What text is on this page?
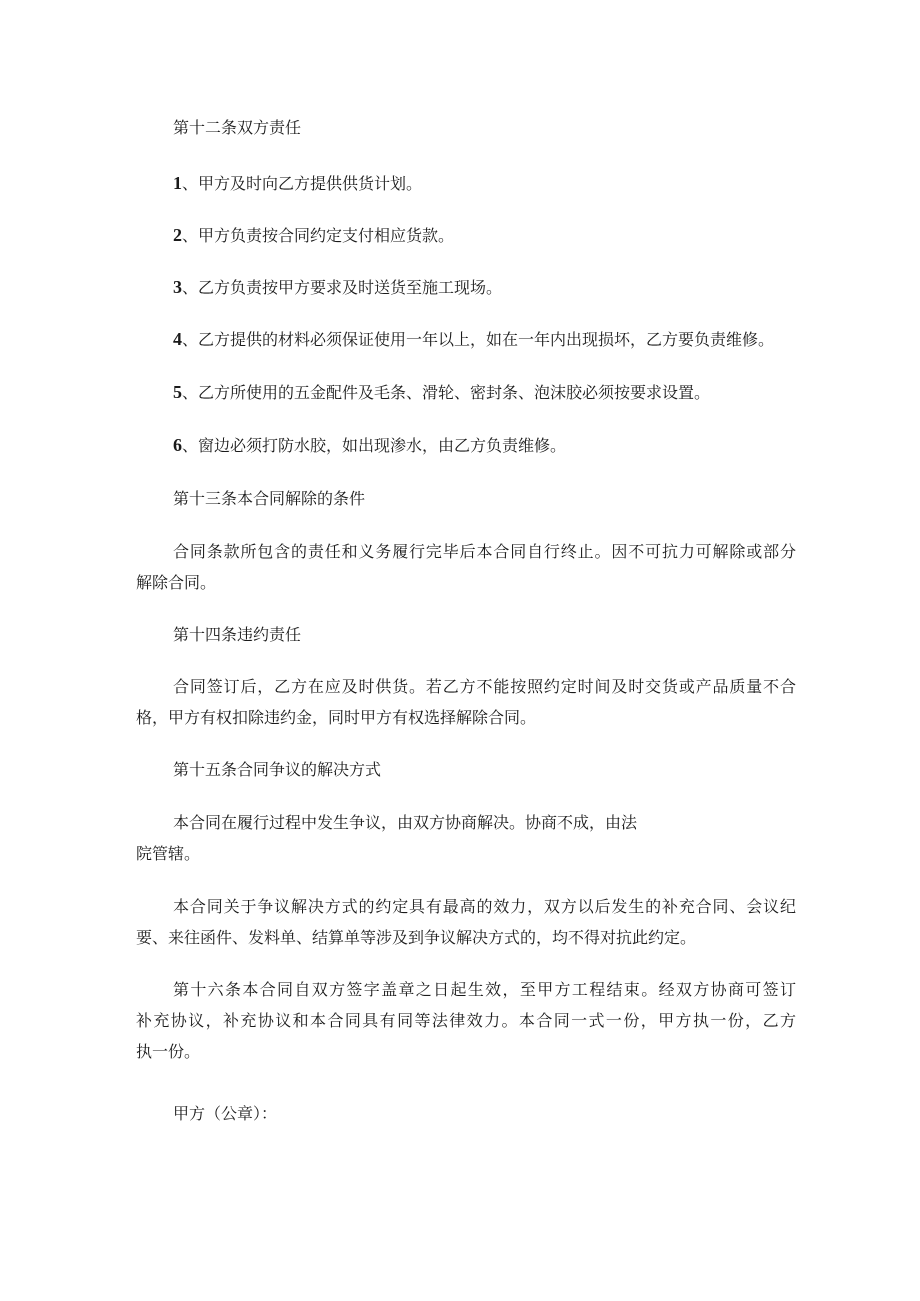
第十二条双方责任
1、甲方及时向乙方提供供货计划。
2、甲方负责按合同约定支付相应货款。
3、乙方负责按甲方要求及时送货至施工现场。
4、乙方提供的材料必须保证使用一年以上，如在一年内出现损坏，乙方要负责维修。
5、乙方所使用的五金配件及毛条、滑轮、密封条、泡沫胶必须按要求设置。
6、窗边必须打防水胶，如出现渗水，由乙方负责维修。
第十三条本合同解除的条件
合同条款所包含的责任和义务履行完毕后本合同自行终止。因不可抗力可解除或部分
解除合同。
第十四条违约责任
合同签订后，乙方在应及时供货。若乙方不能按照约定时间及时交货或产品质量不合
格，甲方有权扣除违约金，同时甲方有权选择解除合同。
第十五条合同争议的解决方式
本合同在履行过程中发生争议，由双方协商解决。协商不成，由法
院管辖。
本合同关于争议解决方式的约定具有最高的效力，双方以后发生的补充合同、会议纪
要、来往函件、发料单、结算单等涉及到争议解决方式的，均不得对抗此约定。
第十六条本合同自双方签字盖章之日起生效，至甲方工程结束。经双方协商可签订
补充协议，补充协议和本合同具有同等法律效力。本合同一式一份，甲方执一份，乙方
执一份。
甲方（公章）：
